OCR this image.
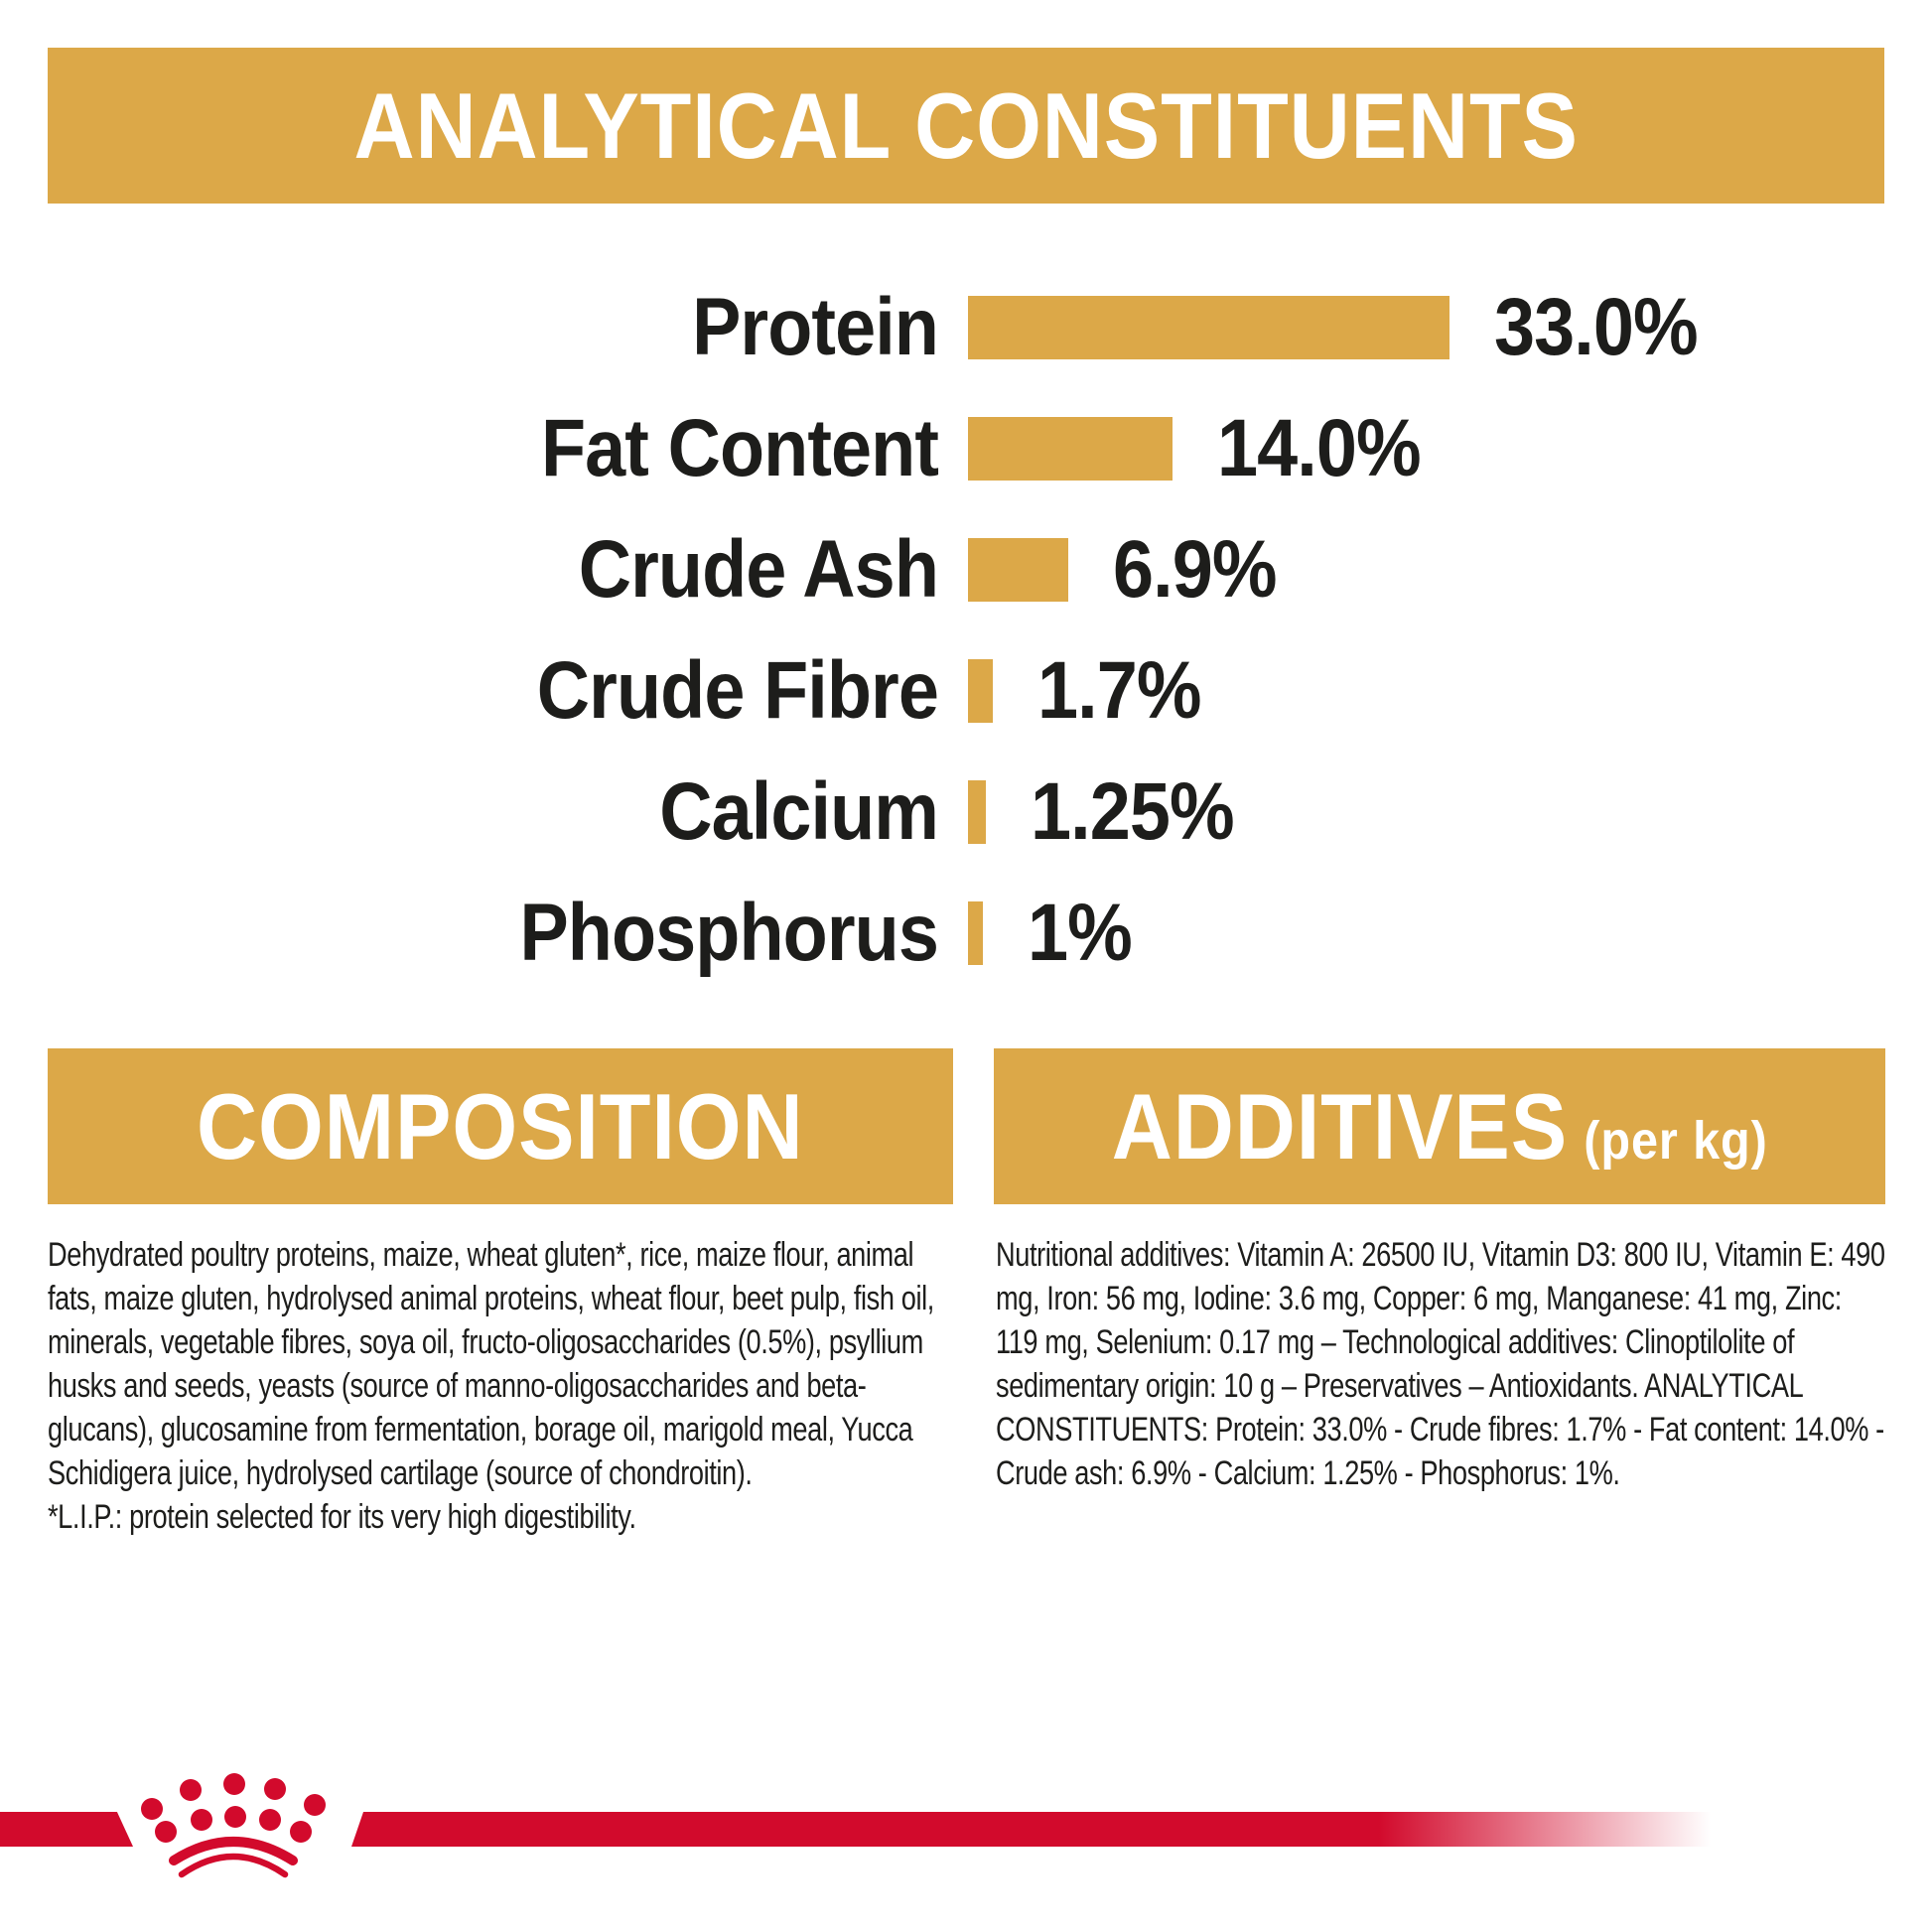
ANALYTICAL CONSTITUENTS
Protein	33.0%
Fat Content	14.0%
Crude Ash 6.9%
Crude Fibre 1.7%
Calcium 1.25%
Phosphorus 1%
COMPOSITION

Dehydrated poultry proteins, maize, wheat gluten*, rice, maize flour, animal fats, maize gluten, hydrolysed animal proteins, wheat flour, beet pulp, fish oil, minerals, vegetable fibres, soya oil, fructo-oligosaccharides (0.5%), psyllium husks and seeds, yeasts (source of manno-oligosaccharides and beta-glucans), glucosamine from fermentation, borage oil, marigold meal, Yucca Schidigera juice, hydrolysed cartilage (source of chondroitin).

*L.I.P.: protein selected for its very high digestibility.

ADDITIVES (per kg)

Nutritional additives: Vitamin A: 26500 IU, Vitamin D3: 800 IU, Vitamin E: 490 mg, Iron: 56 mg, Iodine: 3.6 mg, Copper: 6 mg, Manganese: 41 mg, Zinc: 119 mg, Selenium: 0.17 mg – Technological additives: Clinoptilolite of sedimentary origin: 10 g – Preservatives – Antioxidants. ANALYTICAL CONSTITUENTS: Protein: 33.0% - Crude fibres: 1.7% - Fat content: 14.0% - Crude ash: 6.9% - Calcium: 1.25% - Phosphorus: 1%.
